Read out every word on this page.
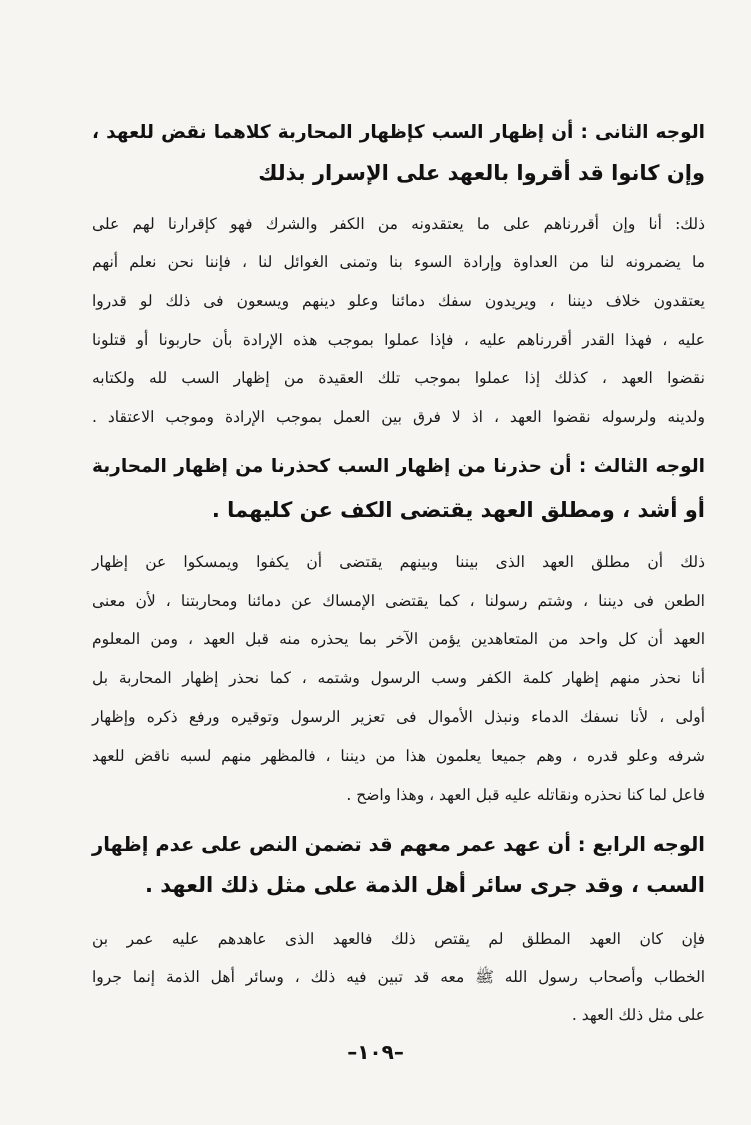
الوجه الثانى : أن إظهار السب كإظهار المحاربة كلاهما نقض للعهد ،

وإن كانوا قد أقروا بالعهد على الإسرار بذلك

ذلك: أنا وإن أقررناهم على ما يعتقدونه من الكفر والشرك فهو كإقرارنا لهم على

ما يضمرونه لنا من العداوة وإرادة السوء بنا وتمنى الغوائل لنا ، فإننا نحن نعلم أنهم

يعتقدون خلاف ديننا ، ويريدون سفك دمائنا وعلو دينهم ويسعون فى ذلك لو قدروا

عليه ، فهذا القدر أقررناهم عليه ، فإذا عملوا بموجب هذه الإرادة بأن حاربونا أو قتلونا

نقضوا العهد ، كذلك إذا عملوا بموجب تلك العقيدة من إظهار السب لله ولكتابه

ولدينه ولرسوله نقضوا العهد ، اذ لا فرق بين العمل بموجب الإرادة وموجب الاعتقاد .

الوجه الثالث : أن حذرنا من إظهار السب كحذرنا من إظهار المحاربة

أو أشد ، ومطلق العهد يقتضى الكف عن كليهما .

ذلك أن مطلق العهد الذى بيننا وبينهم يقتضى أن يكفوا ويمسكوا عن إظهار

الطعن فى ديننا ، وشتم رسولنا ، كما يقتضى الإمساك عن دمائنا ومحاربتنا ، لأن معنى

العهد أن كل واحد من المتعاهدين يؤمن الآخر بما يحذره منه قبل العهد ، ومن المعلوم

أنا نحذر منهم إظهار كلمة الكفر وسب الرسول وشتمه ، كما نحذر إظهار المحاربة بل

أولى ، لأنا نسفك الدماء ونبذل الأموال فى تعزير الرسول وتوقيره ورفع ذكره وإظهار

شرفه وعلو قدره ، وهم جميعا يعلمون هذا من ديننا ، فالمظهر منهم لسبه ناقض للعهد

فاعل لما كنا نحذره ونقاتله عليه قبل العهد ، وهذا واضح .

الوجه الرابع : أن عهد عمر معهم قد تضمن النص على عدم إظهار

السب ، وقد جرى سائر أهل الذمة على مثل ذلك العهد .

فإن كان العهد المطلق لم يقتص ذلك فالعهد الذى عاهدهم عليه عمر بن

الخطاب وأصحاب رسول الله ﷺ معه قد تبين فيه ذلك ، وسائر أهل الذمة إنما جروا

على مثل ذلك العهد .

–١٠٩–
